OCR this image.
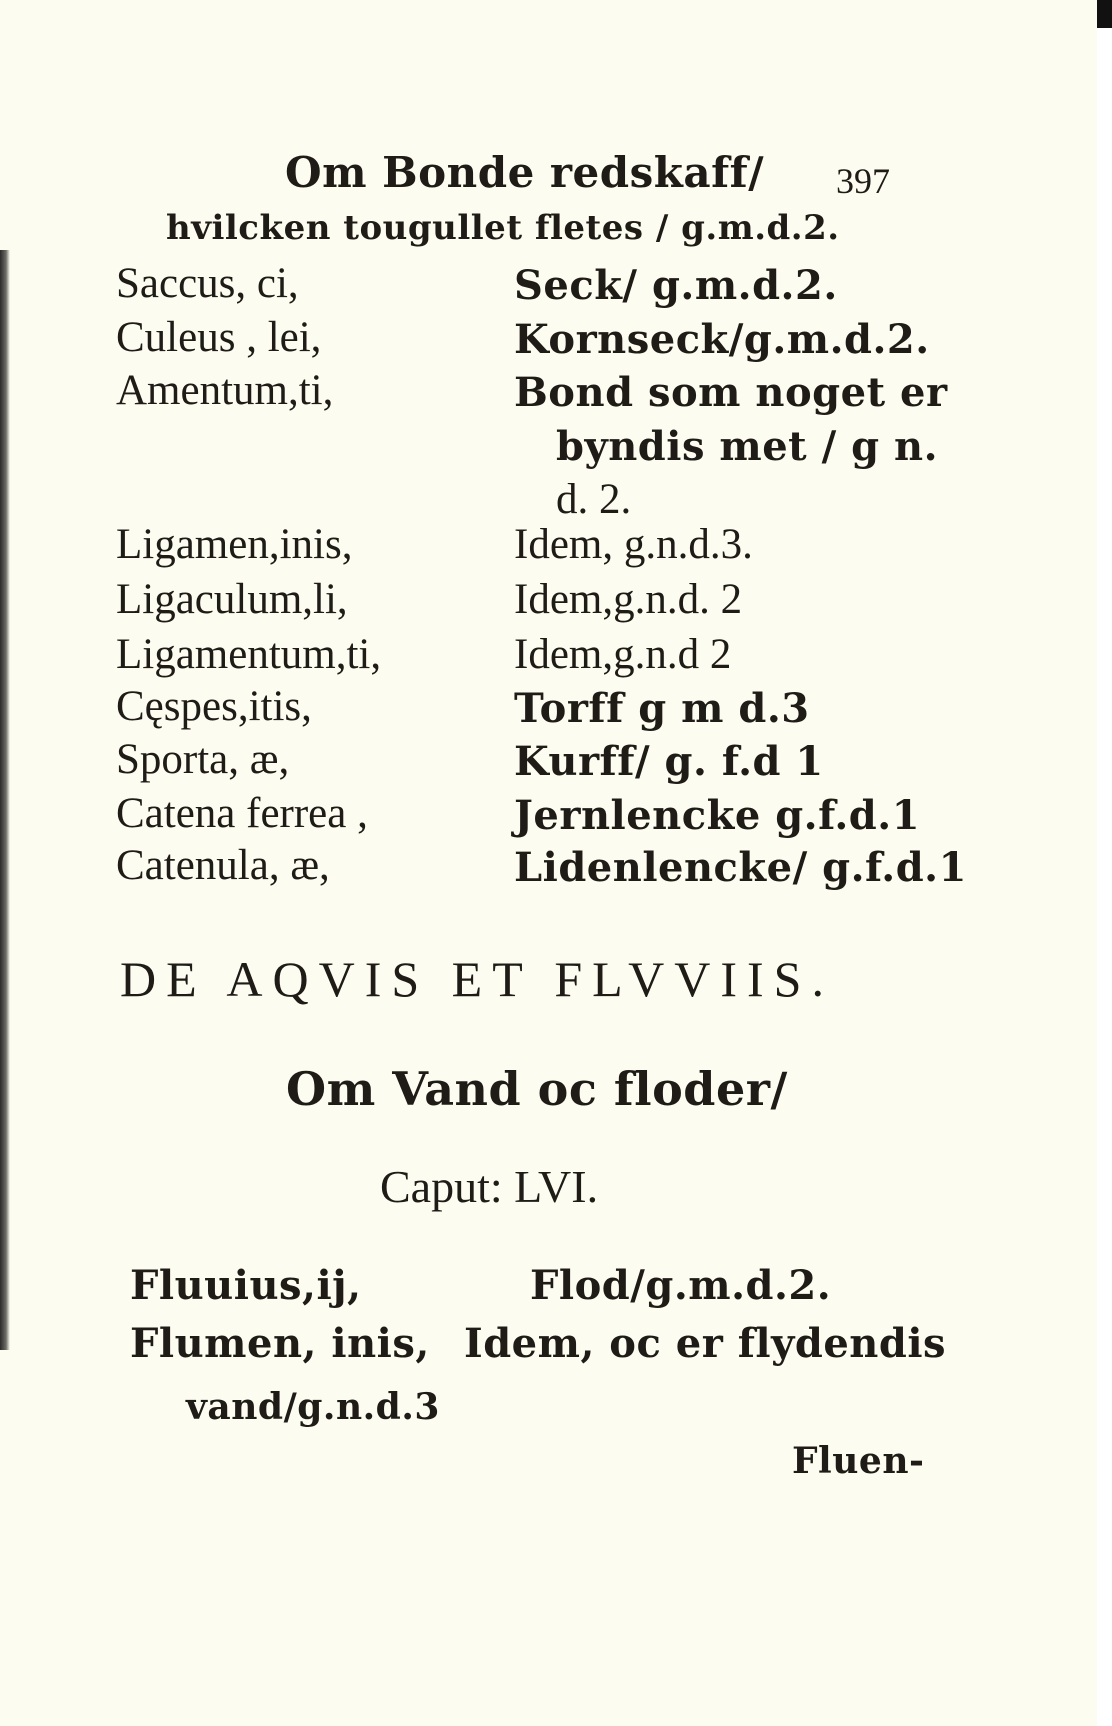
Om Bonde redskaff/ 397
hvilcken tougullet fletes / g.m.d.2.
Saccus, ci,
Culeus , lei,
Amentum,ti,
Ligamen,inis,
Ligaculum,li,
Ligamentum,ti,
Cęspes,itis,
Sporta, æ,
Catena ferrea ,
Catenula, æ,
Seck/ g.m.d.2.
Kornseck/g.m.d.2.
Bond som noget er
byndis met / g n.
d. 2.
Idem, g.n.d.3.
Idem,g.n.d. 2
Idem,g.n.d 2
Torff g m d.3
Kurff/ g. f.d 1
Jernlencke g.f.d.1
Lidenlencke/ g.f.d.1
DE AQVIS ET FLVVIIS.
Om Vand oc floder/
Caput: LVI.
Fluuius,ij,	Flod/g.m.d.2.
Flumen, inis, Idem, oc er flydendis
vand/g.n.d.3
Fluen-
